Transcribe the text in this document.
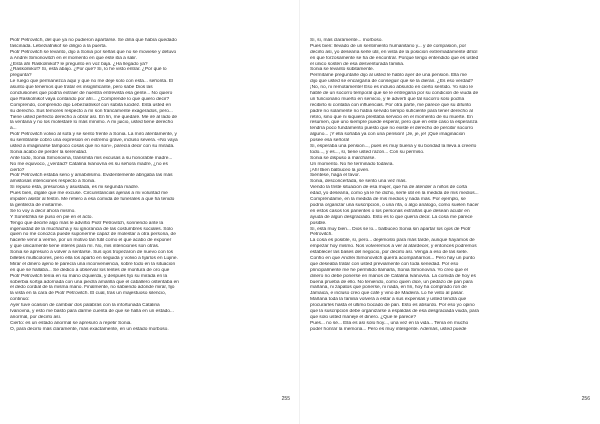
Piotr Petrovitch, del que ya no pudieron apartarse. Se diría que había quedado
fascinada. Lebeziatnikof se dirigió a la puerta.
Piotr Petrovitch se levantó, dijo a Sonia por señas que no se moviese y detuvo
a Andréi Simonovitch en el momento en que éste iba a salir.
¿Está ahí Raskólnikof? le preguntó en voz baja. ¿Ha llegado ya?
¿Raskólnikof? Sí, está abajo. ¿Por qué? Sí, lo he visto entrar. ¿Por qué lo
pregunta?
Le ruego que permanezca aquí y que no me deje solo con esta... señorita. El
asunto que tenemos que tratar es insignificante, pero sabe Dios las
conclusiones que podría extraer de nuestra entrevista esa gente... No quiero
que Raskólnikof vaya contando por ahí... ¿Comprende lo que quiero decir?
Comprendo, comprendo dijo Lebeziatnikof con súbita lucidez. Está usted en
su derecho. Sus temores respecto a mí son francamente exagerados, pero...
Tiene usted perfecto derecho a obrar así. En fin, me quedaré. Me iré al lado de
la ventana y no los molestaré lo más mínimo. A mi juicio, usted tiene derecho
a...
Piotr Petrovitch volvió al sofá y se sentó frente a Sonia. La miró atentamente, y
su semblante cobró una expresión en extremo grave, incluso severa. «No vaya
usted a imaginarse tampoco cosas que no son», parecía decir con su mirada.
Sonia acabó de perder la serenidad.
Ante todo, Sonia Simonovna, transmita mis excusas a su honorable madre...
No me equivoco, ¿verdad? Catalina Ivanovna es su señora madre, ¿no es
cierto?
Piotr Petrovitch estaba serio y amabilísimo. Evidentemente abrigaba las más
amistosas intenciones respecto a Sonia.
Sí repuso ésta, presurosa y asustada, es mi segunda madre.
Pues bien, dígale que me excuse. Circunstancias ajenas a mi voluntad me
impiden asistir al festín. Me refiero a esa comida de funerales a que ha tenido
la gentileza de invitarme.
Se lo voy a decir ahora mismo.
Y Sonetchka se puso en pie en el acto.
Tengo que decirle algo más le advirtió Piotr Petrovitch, sonriendo ante la
ingenuidad de la muchacha y su ignorancia de las costumbres sociales. Sólo
quien no me conozca puede suponerme capaz de molestar a otra persona, de
hacerle venir a verme, por un motivo tan fútil como el que acabo de exponer
y que únicamente tiene interés para mí. No, mis intenciones son otras.
Sonia se apresuró a volver a sentarse. Sus ojos tropezaron de nuevo con los
billetes multicolores, pero ella los apartó en seguida y volvió a fijarlos en Lujine.
Mirar el dinero ajeno le parecía una inconveniencia, sobre todo en la situación
en que se hallaba... Se dedicó a observar los lentes de montura de oro que
Piotr Petrovitch tenía en su mano izquierda, y después fijó su mirada en la
soberbia sortija adornada con una piedra amarilla que el caballero ostentaba en
el dedo cordial de la misma mano. Finalmente, no sabiendo adónde mirar, fijó
la vista en la cara de Piotr Petrovitch. El cual, tras un majestuoso silencio,
continuó:
Ayer tuve ocasión de cambiar dos palabras con la infortunada Catalina
Ivanovna, y esto me bastó para darme cuenta de que se halla en un estado...
anormal, por decirlo así.
Cierto: es un estado anormal se apresuró a repetir Sonia.
O, para decirlo más claramente, más exactamente, en un estado morboso.
255
Sí, sí, más claramente... morboso.
Pues bien: llevado de un sentimiento humanitario y... y de compasión, por
decirlo así, yo desearía serle útil, en vista de la posición extremadamente difícil
en que forzosamente se ha de encontrar. Porque tengo entendido que es usted
el único sostén de esa desventurada familia.
Sonia se levantó súbitamente.
Permítame preguntarle dijo al usted le habló ayer de una pensión. Ella me
dijo que usted se encargaría de conseguir que se la dieran. ¿Es eso verdad?
¡No, no, ni remotamente! Eso es incluso absurdo en cierto sentido. Yo sólo le
hablé de un socorro temporal que se le entregaría por su condición de viuda de
un funcionario muerto en servicio, y le advertí que tal socorro sólo podría
recibirlo si contaba con influencias. Por otra parte, me parece que su difunto
padre no solamente no había servido tiempo suficiente para tener derecho al
retiro, sino que ni siquiera prestaba servicio en el momento de su muerte. En
resumen, que uno siempre puede esperar, pero que en este caso la esperanza
tendría poco fundamento puesto que no existe el derecho de percibir socorro
alguno... ¡Y ella soñaba ya con una pensión! ¡Je, je, je! ¡Qué imaginación
posee esa señora!
Sí, esperaba una pensión..., pues es muy buena y su bondad la lleva a creerlo
todo..., y es..., sí, tiene usted razón... Con su permiso.
Sonia se dispuso a marcharse.
Un momento. No he terminado todavía.
¡Ah! Bien balbuceó la joven.
Siéntese, haga el favor.
Sonia, desconcertada, se sentó una vez más.
Viendo la triste situación de esa mujer, que ha de atender a niños de corta
edad, yo desearía, como ya le he dicho, serle útil en la medida de mis medios...
Compréndame, en la medida de mis medios y nada más. Por ejemplo, se
podría organizar una suscripción, o una rifa, o algo análogo, como suelen hacer
en estos casos los parientes o los personas extrañas que desean acudir en
ayuda de algún desgraciado. Esto es lo que quería decir. La cosa me parece
posible.
Sí, está muy bien... Dios se lo... balbuceó Sonia sin apartar los ojos de Piotr
Petrovitch.
La cosa es posible, sí, pero... dejémoslo para más tarde, aunque hayamos de
empezar hoy mismo. Nos volveremos a ver al atardecer, y entonces podremos
establecer las bases del negocio, por decirlo así. Venga a eso de las siete.
Confío en que Andréi Simonovitch querrá acompañarnos... Pero hay un punto
que deseaba tratar con usted previamente con toda seriedad. Por eso
principalmente me he permitido llamarla, Sonia Simonovna. Yo creo que el
dinero no debe ponerse en manos de Catalina Ivanovna. La comida de hoy es
buena prueba de ello. No teniendo, como quien dice, un pedazo de pan para
mañana, ni zapatos que ponerse, ni nada, en fin, hoy ha comprado ron de
Jamaica, e incluso creo que café y vino de Madeira. Lo he visto al pasar.
Mañana toda la familia volverá a estar a sus expensas y usted tendrá que
procurarles hasta el último bocado de pan. Esto es absurdo. Por eso yo opino
que la suscripción debe organizarse a espaldas de esa desgraciada viuda, para
que sólo usted maneje el dinero. ¿Qué le parece?
Pues... no sé... Ella es así sólo hoy..., una vez en la vida... Tenía en mucho
poder honrar la memoria... Pero es muy inteligente. Además, usted puede
256
